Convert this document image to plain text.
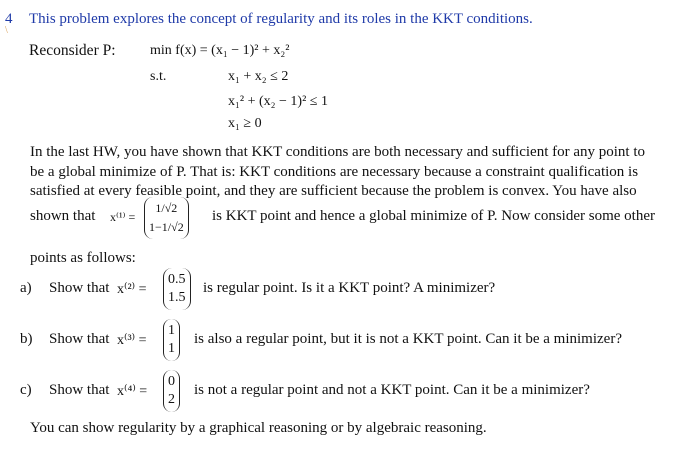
4
\
This problem explores the concept of regularity and its roles in the KKT conditions.
Reconsider P: min f(x) = (x₁ − 1)² + x₂²
s.t.	x₁ + x₂ ≤ 2
x₁² + (x₂ − 1)² ≤ 1
x₁ ≥ 0
In the last HW, you have shown that KKT conditions are both necessary and sufficient for any point to
be a global minimize of P. That is: KKT conditions are necessary because a constraint qualification is
satisfied at every feasible point, and they are sufficient because the problem is convex. You have also
shown that x⁽¹⁾ =
1/√2
1−1/√2
is KKT point and hence a global minimize of P. Now consider some other
points as follows:
a) Show that x⁽²⁾ =
0.5
1.5
is regular point. Is it a KKT point? A minimizer?
b) Show that x⁽³⁾ =
1
1
is also a regular point, but it is not a KKT point. Can it be a minimizer?
c) Show that x⁽⁴⁾ =
0
2
is not a regular point and not a KKT point. Can it be a minimizer?
You can show regularity by a graphical reasoning or by algebraic reasoning.
